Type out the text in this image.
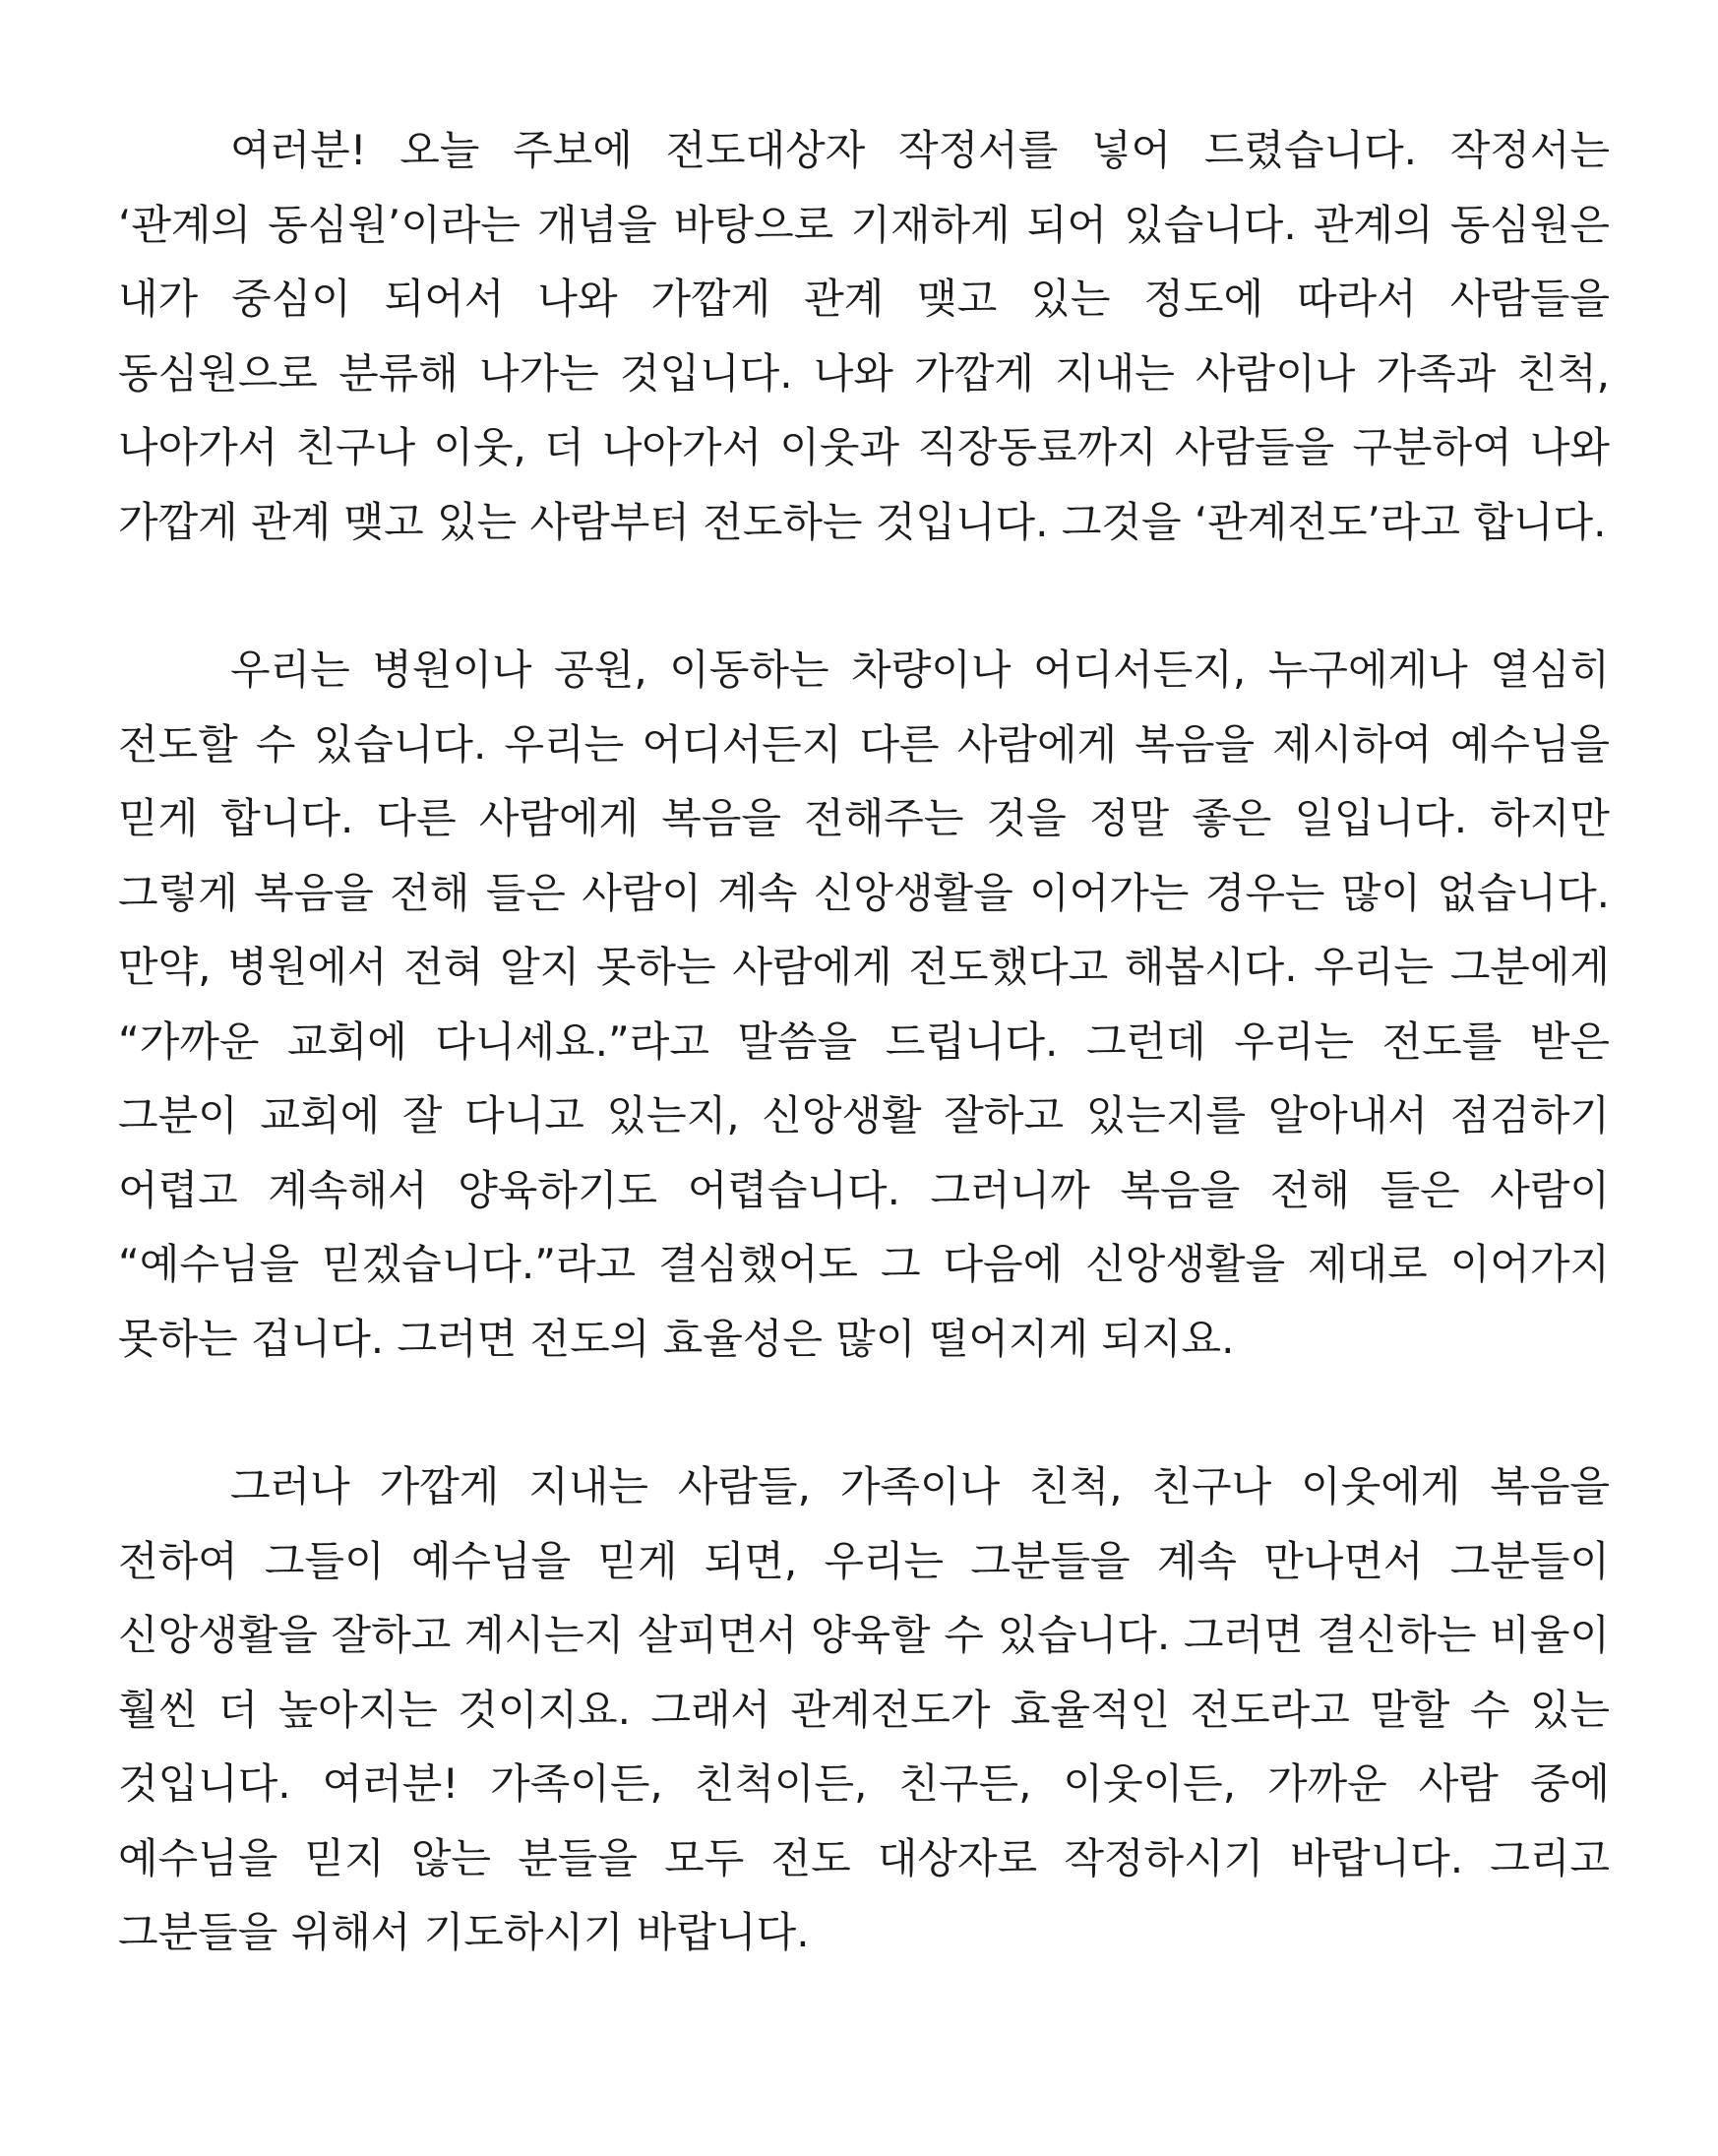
여러분! 오늘 주보에 전도대상자 작정서를 넣어 드렸습니다. 작정서는 ‘관계의 동심원’이라는 개념을 바탕으로 기재하게 되어 있습니다. 관계의 동심원은 내가 중심이 되어서 나와 가깝게 관계 맺고 있는 정도에 따라서 사람들을 동심원으로 분류해 나가는 것입니다. 나와 가깝게 지내는 사람이나 가족과 친척, 나아가서 친구나 이웃, 더 나아가서 이웃과 직장동료까지 사람들을 구분하여 나와 가깝게 관계 맺고 있는 사람부터 전도하는 것입니다. 그것을 ‘관계전도’라고 합니다.

우리는 병원이나 공원, 이동하는 차량이나 어디서든지, 누구에게나 열심히 전도할 수 있습니다. 우리는 어디서든지 다른 사람에게 복음을 제시하여 예수님을 믿게 합니다. 다른 사람에게 복음을 전해주는 것을 정말 좋은 일입니다. 하지만 그렇게 복음을 전해 들은 사람이 계속 신앙생활을 이어가는 경우는 많이 없습니다. 만약, 병원에서 전혀 알지 못하는 사람에게 전도했다고 해봅시다. 우리는 그분에게 “가까운 교회에 다니세요.”라고 말씀을 드립니다. 그런데 우리는 전도를 받은 그분이 교회에 잘 다니고 있는지, 신앙생활 잘하고 있는지를 알아내서 점검하기 어렵고 계속해서 양육하기도 어렵습니다. 그러니까 복음을 전해 들은 사람이 “예수님을 믿겠습니다.”라고 결심했어도 그 다음에 신앙생활을 제대로 이어가지 못하는 겁니다. 그러면 전도의 효율성은 많이 떨어지게 되지요.

그러나 가깝게 지내는 사람들, 가족이나 친척, 친구나 이웃에게 복음을 전하여 그들이 예수님을 믿게 되면, 우리는 그분들을 계속 만나면서 그분들이 신앙생활을 잘하고 계시는지 살피면서 양육할 수 있습니다. 그러면 결신하는 비율이 훨씬 더 높아지는 것이지요. 그래서 관계전도가 효율적인 전도라고 말할 수 있는 것입니다. 여러분! 가족이든, 친척이든, 친구든, 이웃이든, 가까운 사람 중에 예수님을 믿지 않는 분들을 모두 전도 대상자로 작정하시기 바랍니다. 그리고 그분들을 위해서 기도하시기 바랍니다.
